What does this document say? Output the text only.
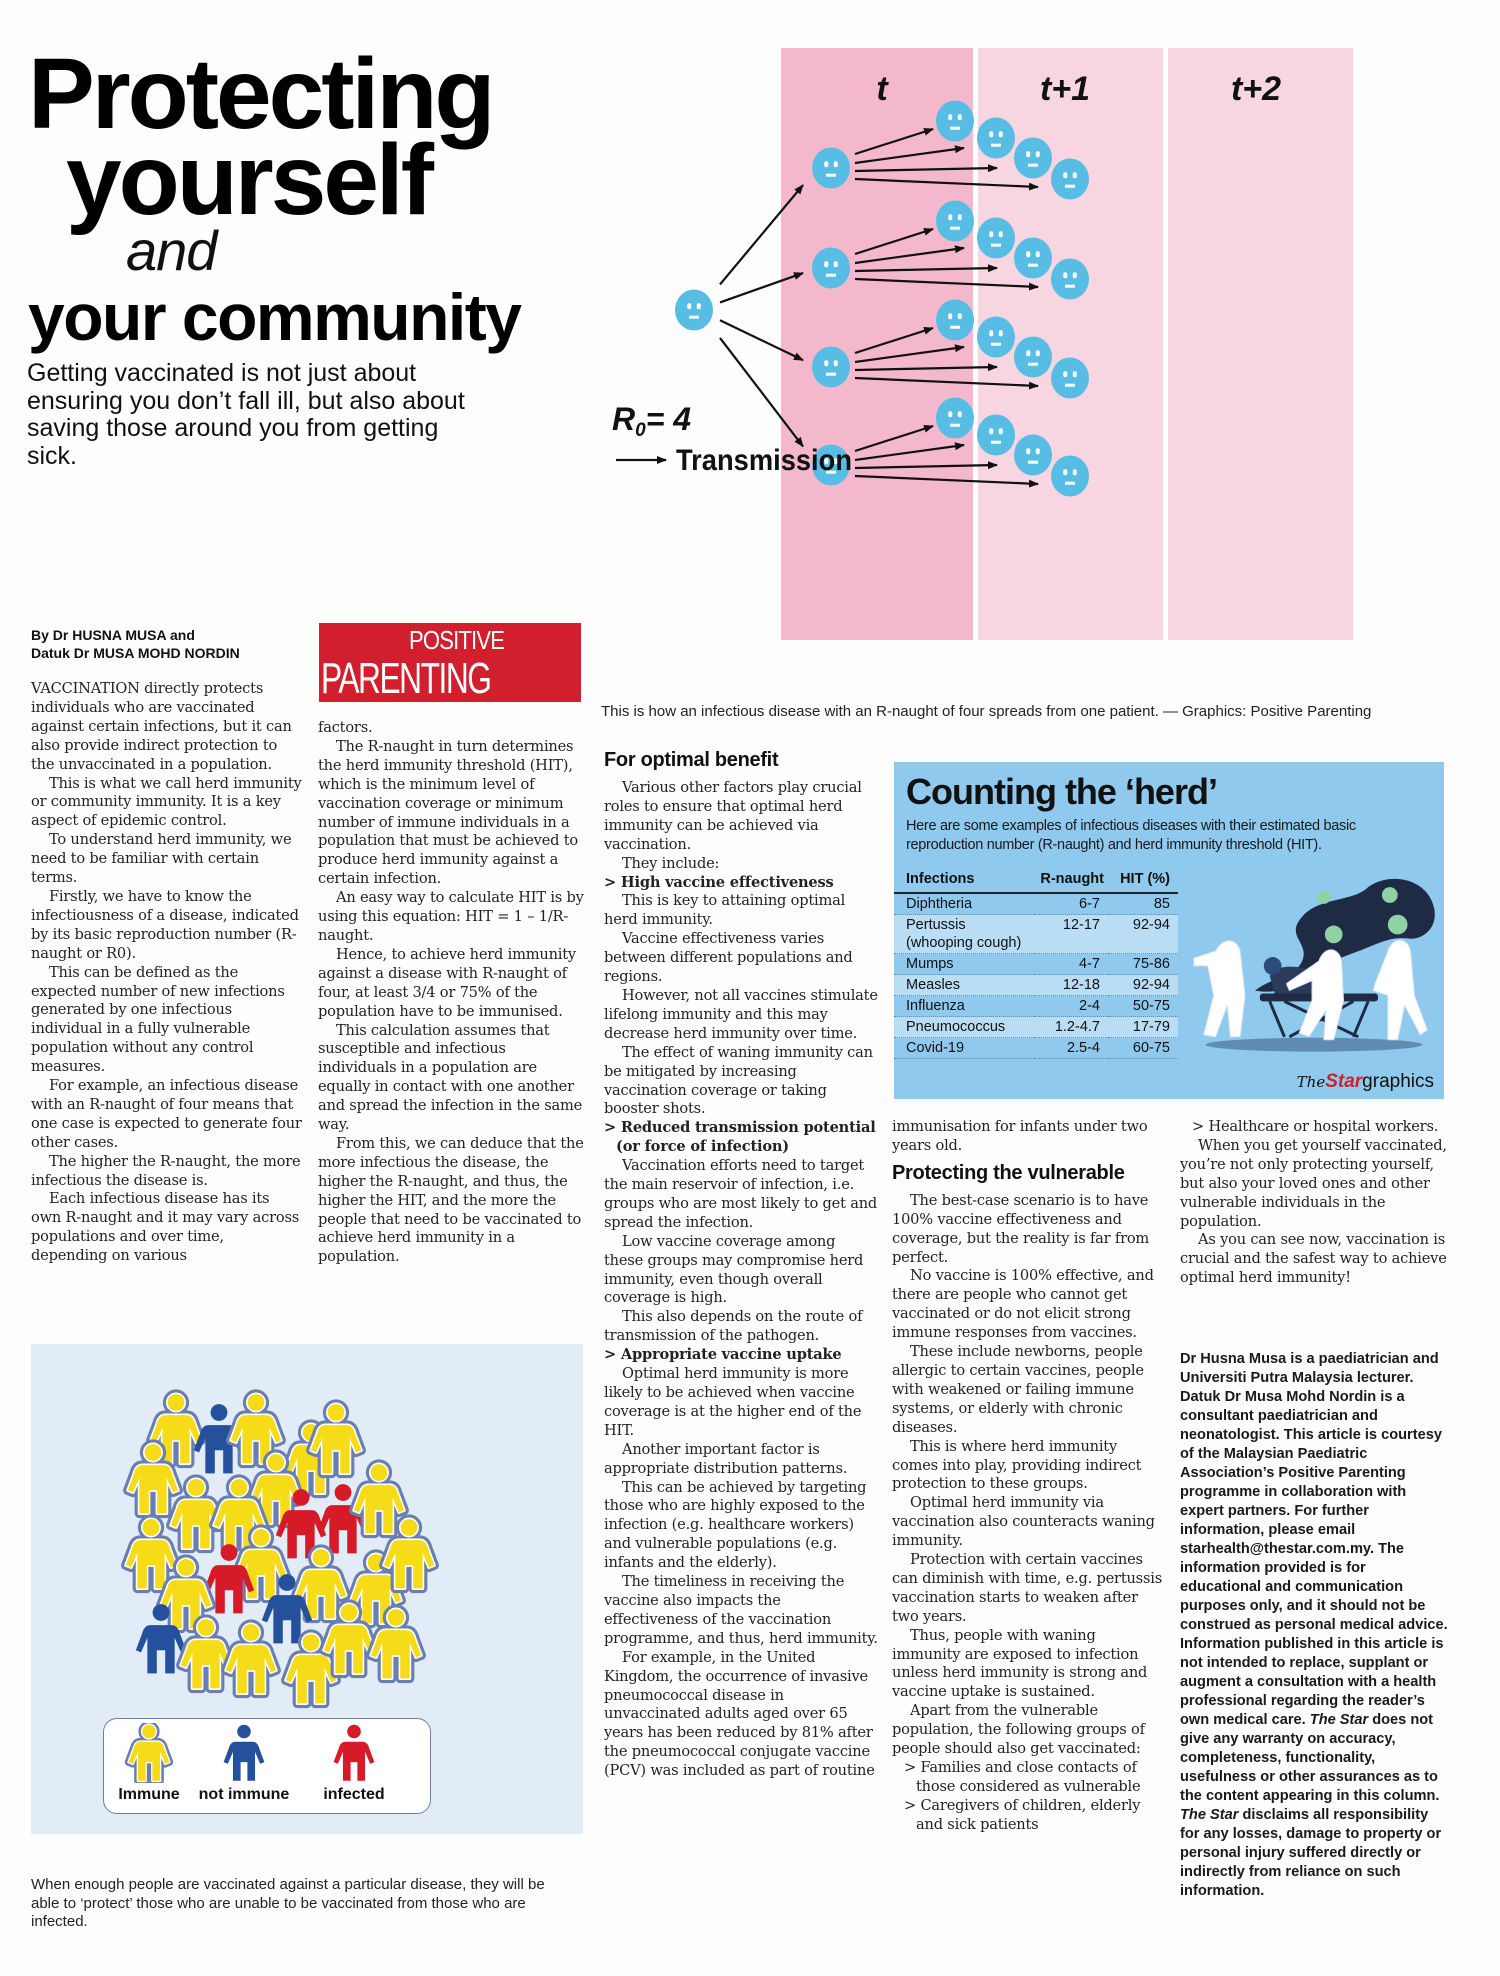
Protecting
yourself
and
your community
Getting vaccinated is not just about ensuring you don’t fall ill, but also about saving those around you from getting sick.
By Dr HUSNA MUSA and
Datuk Dr MUSA MOHD NORDIN	POSITIVE
PARENTING
t	t+1	t+2
R0= 4
Transmission
This is how an infectious disease with an R-naught of four spreads from one patient. — Graphics: Positive Parenting

VACCINATION directly protects individuals who are vaccinated against certain infections, but it can also provide indirect protection to the unvaccinated in a population.

This is what we call herd immunity or community immunity. It is a key aspect of epidemic control.

To understand herd immunity, we need to be familiar with certain terms.

Firstly, we have to know the infectiousness of a disease, indicated by its basic reproduction number (R-naught or R0).

This can be defined as the expected number of new infections generated by one infectious individual in a fully vulnerable population without any control measures.

For example, an infectious disease with an R-naught of four means that one case is expected to generate four other cases.

The higher the R-naught, the more infectious the disease is.

Each infectious disease has its own R-naught and it may vary across populations and over time, depending on various

factors.

The R-naught in turn determines the herd immunity threshold (HIT), which is the minimum level of vaccination coverage or minimum number of immune individuals in a population that must be achieved to produce herd immunity against a certain infection.

An easy way to calculate HIT is by using this equation: HIT = 1 – 1/R-naught.

Hence, to achieve herd immunity against a disease with R-naught of four, at least 3/4 or 75% of the population have to be immunised.

This calculation assumes that susceptible and infectious individuals in a population are equally in contact with one another and spread the infection in the same way.

From this, we can deduce that the more infectious the disease, the higher the R-naught, and thus, the higher the HIT, and the more the people that need to be vaccinated to achieve herd immunity in a population.

For optimal benefit

Various other factors play crucial roles to ensure that optimal herd immunity can be achieved via vaccination.

They include:

> High vaccine effectiveness

This is key to attaining optimal herd immunity.

Vaccine effectiveness varies between different populations and regions.

However, not all vaccines stimulate lifelong immunity and this may decrease herd immunity over time.

The effect of waning immunity can be mitigated by increasing vaccination coverage or taking booster shots.

> Reduced transmission potential (or force of infection)

Vaccination efforts need to target the main reservoir of infection, i.e. groups who are most likely to get and spread the infection.

Low vaccine coverage among these groups may compromise herd immunity, even though overall coverage is high.

This also depends on the route of transmission of the pathogen.

> Appropriate vaccine uptake

Optimal herd immunity is more likely to be achieved when vaccine coverage is at the higher end of the HIT.

Another important factor is appropriate distribution patterns.

This can be achieved by targeting those who are highly exposed to the infection (e.g. healthcare workers) and vulnerable populations (e.g. infants and the elderly).

The timeliness in receiving the vaccine also impacts the effectiveness of the vaccination programme, and thus, herd immunity.

For example, in the United Kingdom, the occurrence of invasive pneumococcal disease in unvaccinated adults aged over 65 years has been reduced by 81% after the pneumococcal conjugate vaccine (PCV) was included as part of routine

immunisation for infants under two years old.

Protecting the vulnerable

The best-case scenario is to have 100% vaccine effectiveness and coverage, but the reality is far from perfect.

No vaccine is 100% effective, and there are people who cannot get vaccinated or do not elicit strong immune responses from vaccines.

These include newborns, people allergic to certain vaccines, people with weakened or failing immune systems, or elderly with chronic diseases.

This is where herd immunity comes into play, providing indirect protection to these groups.

Optimal herd immunity via vaccination also counteracts waning immunity.

Protection with certain vaccines can diminish with time, e.g. pertussis vaccination starts to weaken after two years.

Thus, people with waning immunity are exposed to infection unless herd immunity is strong and vaccine uptake is sustained.

Apart from the vulnerable population, the following groups of people should also get vaccinated:

> Families and close contacts of those considered as vulnerable

> Caregivers of children, elderly and sick patients

> Healthcare or hospital workers.

When you get yourself vaccinated, you’re not only protecting yourself, but also your loved ones and other vulnerable individuals in the population.

As you can see now, vaccination is crucial and the safest way to achieve optimal herd immunity!

Dr Husna Musa is a paediatrician and Universiti Putra Malaysia lecturer. Datuk Dr Musa Mohd Nordin is a consultant paediatrician and neonatologist. This article is courtesy of the Malaysian Paediatric Association’s Positive Parenting programme in collaboration with expert partners. For further information, please email starhealth@thestar.com.my. The information provided is for educational and communication purposes only, and it should not be construed as personal medical advice. Information published in this article is not intended to replace, supplant or augment a consultation with a health professional regarding the reader’s own medical care. The Star does not give any warranty on accuracy, completeness, functionality, usefulness or other assurances as to the content appearing in this column. The Star disclaims all responsibility for any losses, damage to property or personal injury suffered directly or indirectly from reliance on such information.
Counting the ‘herd’
Here are some examples of infectious diseases with their estimated basic reproduction number (R-naught) and herd immunity threshold (HIT).
Infections	R-naught	HIT (%)
Diphtheria	6-7	85
Pertussis (whooping cough)	12-17	92-94
Mumps	4-7	75-86
Measles	12-18	92-94
Influenza	2-4	50-75
Pneumococcus	1.2-4.7	17-79
Covid-19	2.5-4	60-75
TheStargraphics
Immune	not immune	infected
When enough people are vaccinated against a particular disease, they will be able to ‘protect’ those who are unable to be vaccinated from those who are infected.
